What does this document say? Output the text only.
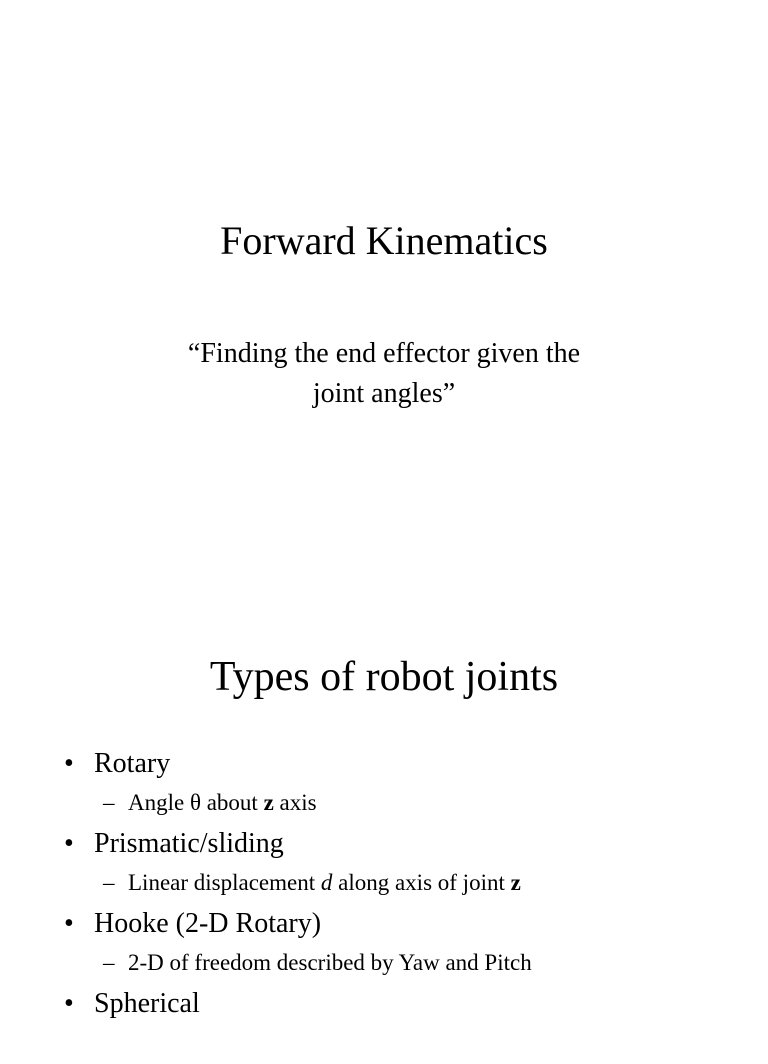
Forward Kinematics
“Finding the end effector given the
joint angles”
Types of robot joints
• Rotary
– Angle θ about z axis
• Prismatic/sliding
– Linear displacement d along axis of joint z
• Hooke (2-D Rotary)
– 2-D of freedom described by Yaw and Pitch
• Spherical
